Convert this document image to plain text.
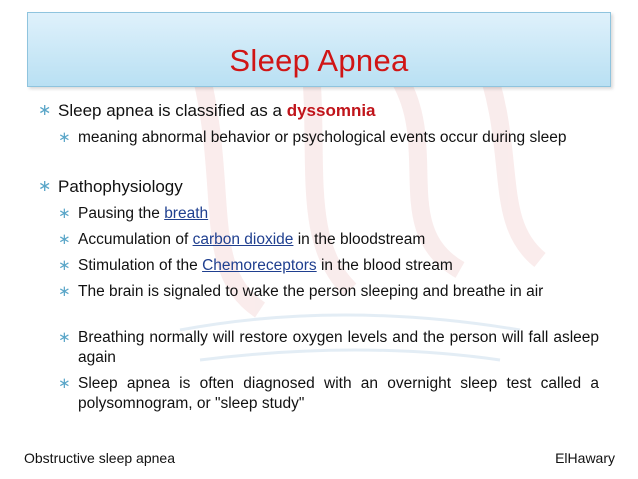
Sleep Apnea
∗ Sleep apnea is classified as a dyssomnia
∗ meaning abnormal behavior or psychological events occur during sleep
∗ Pathophysiology
∗ Pausing the breath
∗ Accumulation of carbon dioxide in the bloodstream
∗ Stimulation of the Chemoreceptors in the blood stream
∗ The brain is signaled to wake the person sleeping and breathe in air
∗ Breathing normally will restore oxygen levels and the person will fall asleep again
∗ Sleep apnea is often diagnosed with an overnight sleep test called a polysomnogram, or "sleep study"
Obstructive sleep apnea	ElHawary
